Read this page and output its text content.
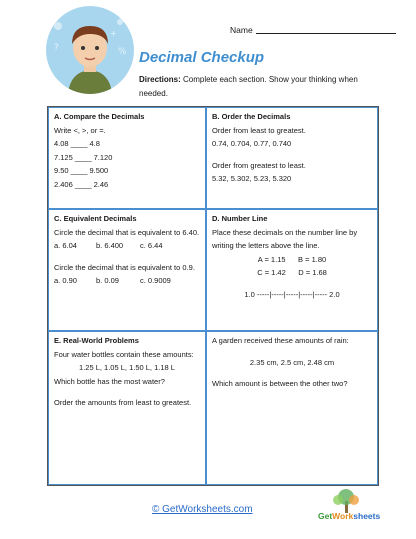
?	%
+	Name
Decimal Checkup
Directions: Complete each section. Show your thinking when needed.

A. Compare the Decimals

Write <, >, or =.

4.08 ____ 4.8

7.125 ____ 7.120

9.50 ____ 9.500

2.406 ____ 2.46

B. Order the Decimals

Order from least to greatest.

0.74, 0.704, 0.77, 0.740

Order from greatest to least.

5.32, 5.302, 5.23, 5.320

C. Equivalent Decimals

Circle the decimal that is equivalent to 6.40.

a. 6.04	b. 6.400 c. 6.44

Circle the decimal that is equivalent to 0.9.

a. 0.90	b. 0.09	c. 0.9009

D. Number Line

Place these decimals on the number line by writing the letters above the line.

A = 1.15      B = 1.80

C = 1.42      D = 1.68

1.0 -----|-----|-----|-----|----- 2.0

E. Real-World Problems

Four water bottles contain these amounts:

1.25 L, 1.05 L, 1.50 L, 1.18 L

Which bottle has the most water?

Order the amounts from least to greatest.

A garden received these amounts of rain:

2.35 cm, 2.5 cm, 2.48 cm

Which amount is between the other two?

© GetWorksheets.com
GetWorksheets
